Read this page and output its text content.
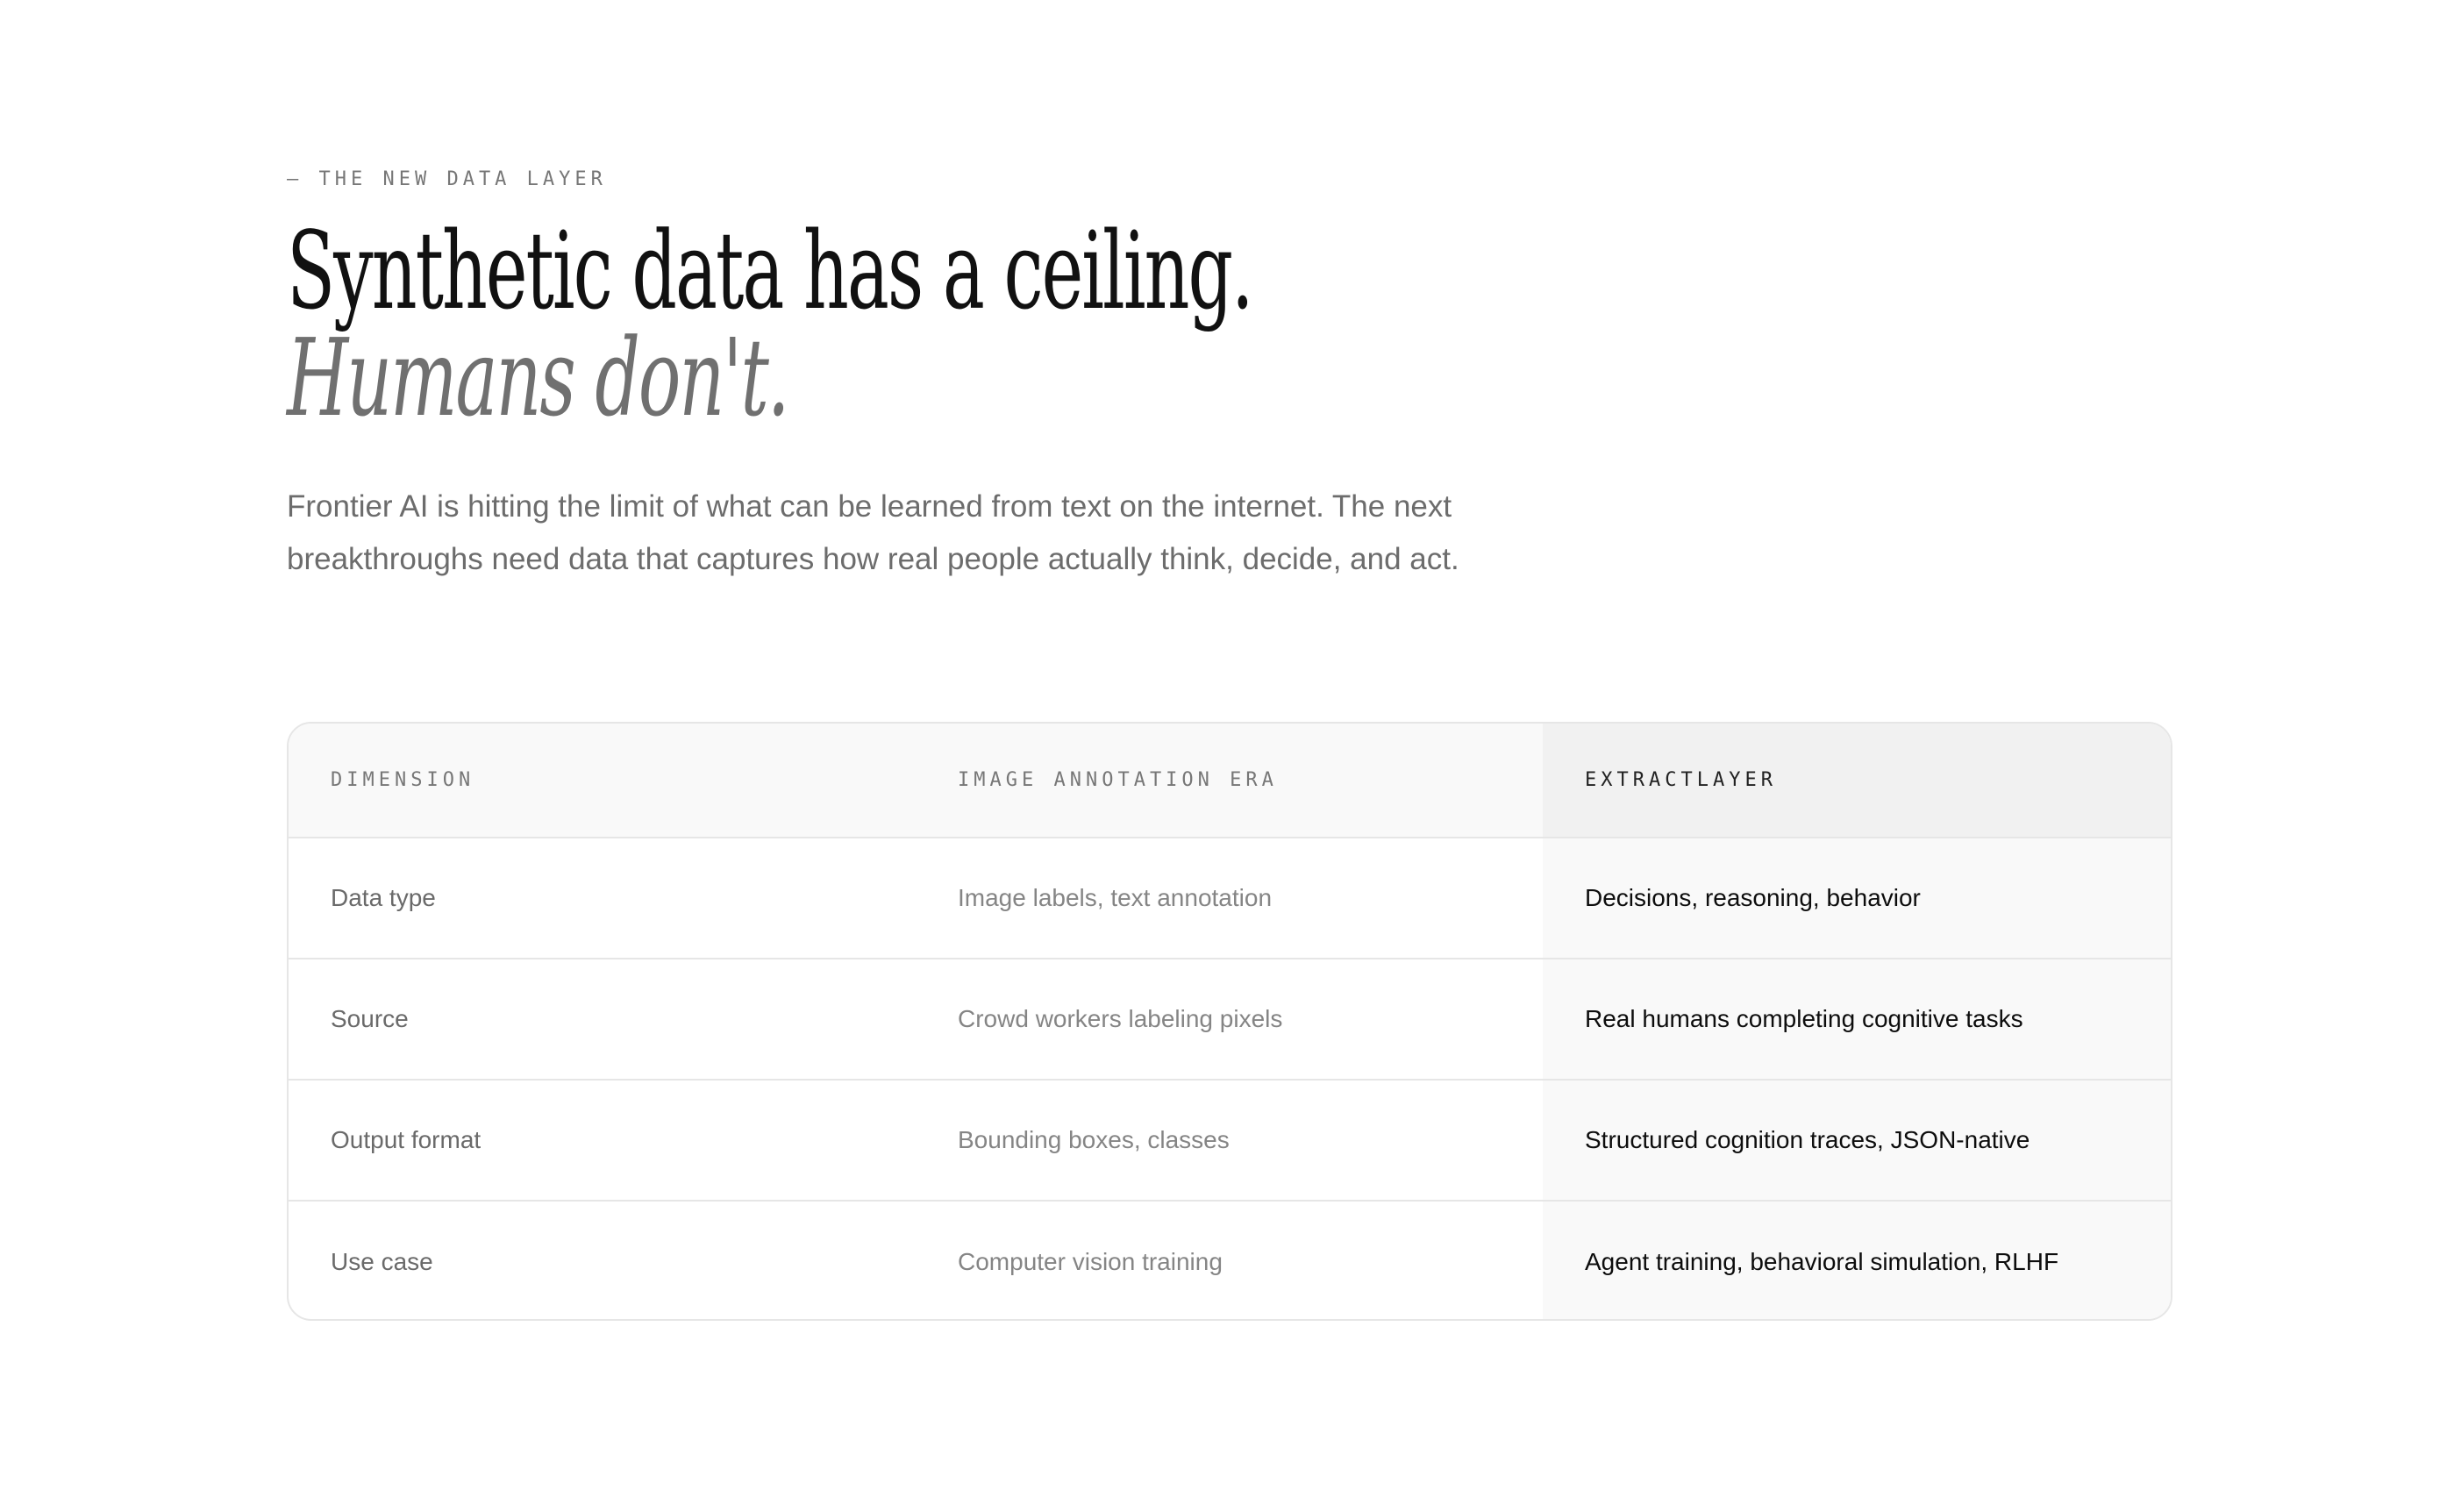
— THE NEW DATA LAYER
Synthetic data has a ceiling.
Humans don't.

Frontier AI is hitting the limit of what can be learned from text on the internet. The next breakthroughs need data that captures how real people actually think, decide, and act.

DIMENSION	IMAGE ANNOTATION ERA	EXTRACTLAYER
Data type	Image labels, text annotation	Decisions, reasoning, behavior
Source	Crowd workers labeling pixels	Real humans completing cognitive tasks
Output format	Bounding boxes, classes	Structured cognition traces, JSON-native
Use case	Computer vision training	Agent training, behavioral simulation, RLHF
